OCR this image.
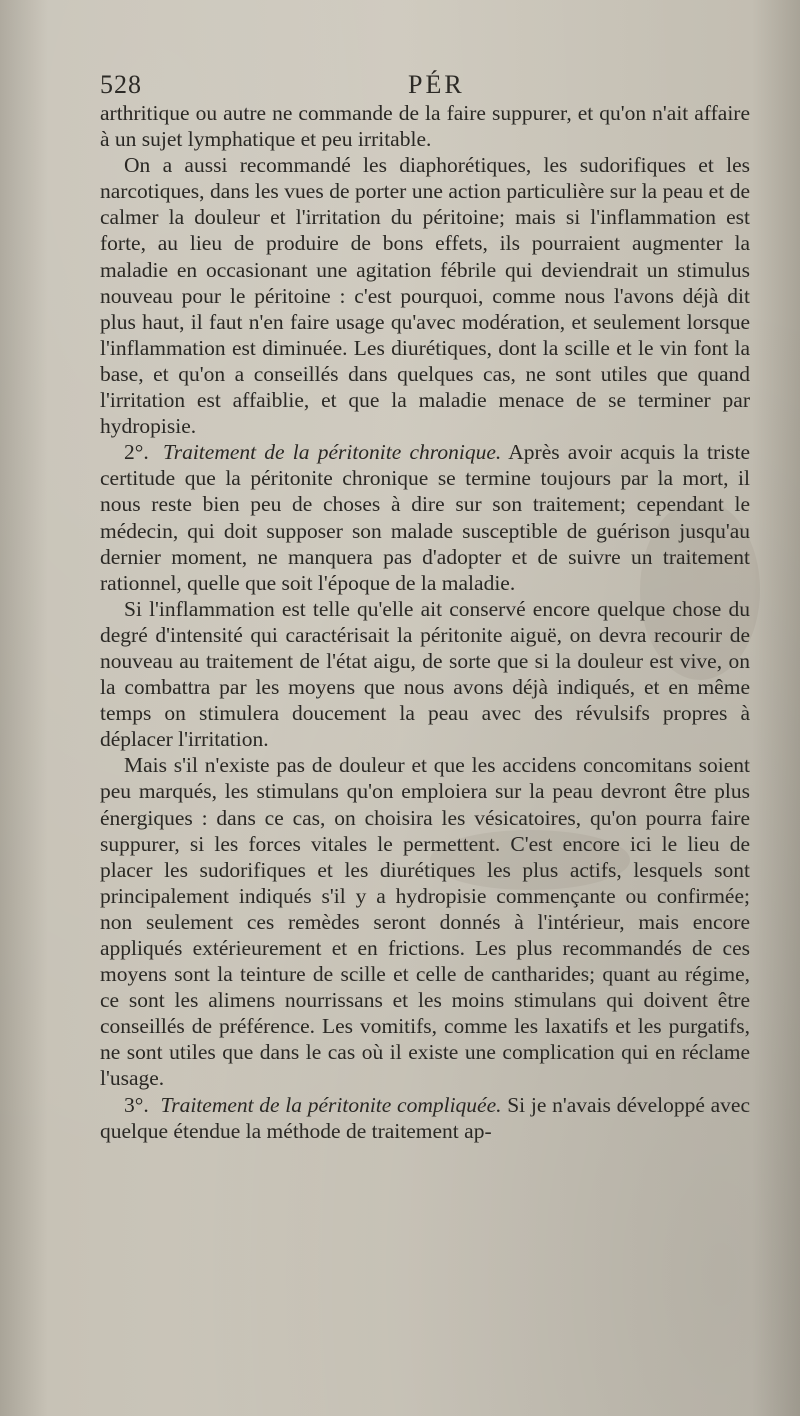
528	PÉR

arthritique ou autre ne commande de la faire suppurer, et qu'on n'ait affaire à un sujet lymphatique et peu irritable.

On a aussi recommandé les diaphorétiques, les sudorifiques et les narcotiques, dans les vues de porter une action particulière sur la peau et de calmer la douleur et l'irritation du péritoine; mais si l'inflammation est forte, au lieu de produire de bons effets, ils pourraient augmenter la maladie en occasionant une agitation fébrile qui deviendrait un stimulus nouveau pour le péritoine : c'est pourquoi, comme nous l'avons déjà dit plus haut, il faut n'en faire usage qu'avec modération, et seulement lorsque l'inflammation est diminuée. Les diurétiques, dont la scille et le vin font la base, et qu'on a conseillés dans quelques cas, ne sont utiles que quand l'irritation est affaiblie, et que la maladie menace de se terminer par hydropisie.

2°. Traitement de la péritonite chronique. Après avoir acquis la triste certitude que la péritonite chronique se termine toujours par la mort, il nous reste bien peu de choses à dire sur son traitement; cependant le médecin, qui doit supposer son malade susceptible de guérison jusqu'au dernier moment, ne manquera pas d'adopter et de suivre un traitement rationnel, quelle que soit l'époque de la maladie.

Si l'inflammation est telle qu'elle ait conservé encore quelque chose du degré d'intensité qui caractérisait la péritonite aiguë, on devra recourir de nouveau au traitement de l'état aigu, de sorte que si la douleur est vive, on la combattra par les moyens que nous avons déjà indiqués, et en même temps on stimulera doucement la peau avec des révulsifs propres à déplacer l'irritation.

Mais s'il n'existe pas de douleur et que les accidens concomitans soient peu marqués, les stimulans qu'on emploiera sur la peau devront être plus énergiques : dans ce cas, on choisira les vésicatoires, qu'on pourra faire suppurer, si les forces vitales le permettent. C'est encore ici le lieu de placer les sudorifiques et les diurétiques les plus actifs, lesquels sont principalement indiqués s'il y a hydropisie commençante ou confirmée; non seulement ces remèdes seront donnés à l'intérieur, mais encore appliqués extérieurement et en frictions. Les plus recommandés de ces moyens sont la teinture de scille et celle de cantharides; quant au régime, ce sont les alimens nourrissans et les moins stimulans qui doivent être conseillés de préférence. Les vomitifs, comme les laxatifs et les purgatifs, ne sont utiles que dans le cas où il existe une complication qui en réclame l'usage.

3°. Traitement de la péritonite compliquée. Si je n'avais développé avec quelque étendue la méthode de traitement ap-
